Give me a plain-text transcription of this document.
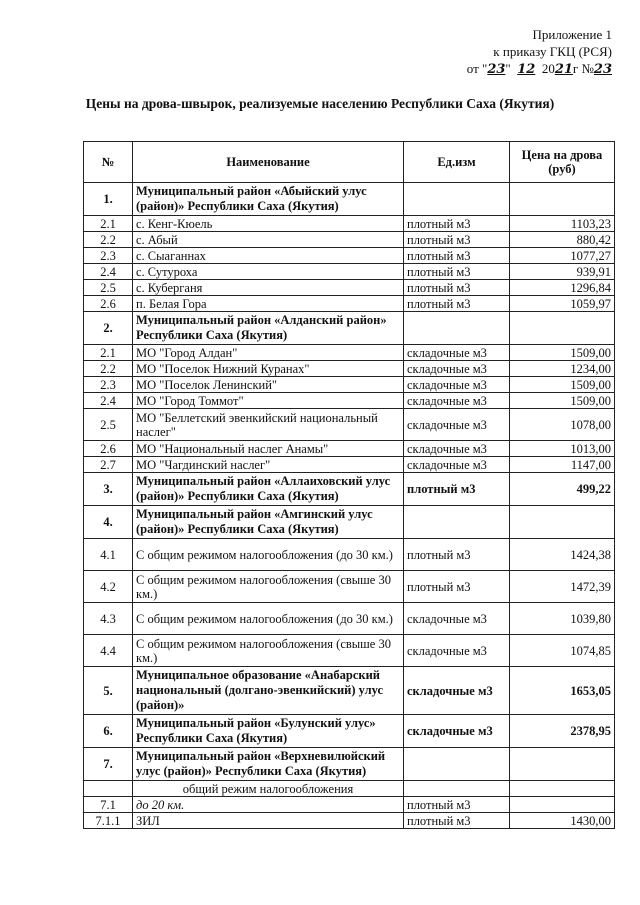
Приложение 1
к приказу ГКЦ (РСЯ)
от "23" 12 2021г №23
Цены на дрова-швырок, реализуемые населению Республики Саха (Якутия)
№	Наименование	Ед.изм	Цена на дрова (руб)
1.	Муниципальный район «Абыйский улус (район)» Республики Саха (Якутия)		
2.1	с. Кенг-Кюель	плотный м3	1103,23
2.2	с. Абый	плотный м3	880,42
2.3	с. Сыаганнах	плотный м3	1077,27
2.4	с. Сутуроха	плотный м3	939,91
2.5	с. Куберганя	плотный м3	1296,84
2.6	п. Белая Гора	плотный м3	1059,97
2.	Муниципальный район «Алданский район» Республики Саха (Якутия)		
2.1	МО "Город Алдан"	складочные м3	1509,00
2.2	МО "Поселок Нижний Куранах"	складочные м3	1234,00
2.3	МО "Поселок Ленинский"	складочные м3	1509,00
2.4	МО "Город Томмот"	складочные м3	1509,00
2.5	МО "Беллетский эвенкийский национальный наслег"	складочные м3	1078,00
2.6	МО "Национальный наслег Анамы"	складочные м3	1013,00
2.7	МО "Чагдинский наслег"	складочные м3	1147,00
3.	Муниципальный район «Аллаиховский улус (район)» Республики Саха (Якутия)	плотный м3	499,22
4.	Муниципальный район «Амгинский улус (район)» Республики Саха (Якутия)		
4.1	С общим режимом налогообложения (до 30 км.)	плотный м3	1424,38
4.2	С общим режимом налогообложения (свыше 30 км.)	плотный м3	1472,39
4.3	С общим режимом налогообложения (до 30 км.)	складочные м3	1039,80
4.4	С общим режимом налогообложения (свыше 30 км.)	складочные м3	1074,85
5.	Муниципальное образование «Анабарский национальный (долгано-эвенкийский) улус (район)»	складочные м3	1653,05
6.	Муниципальный район «Булунский улус» Республики Саха (Якутия)	складочные м3	2378,95
7.	Муниципальный район «Верхневилюйский улус (район)» Республики Саха (Якутия)		
	общий режим налогообложения		
7.1	до 20 км.	плотный м3	
7.1.1	ЗИЛ	плотный м3	1430,00
